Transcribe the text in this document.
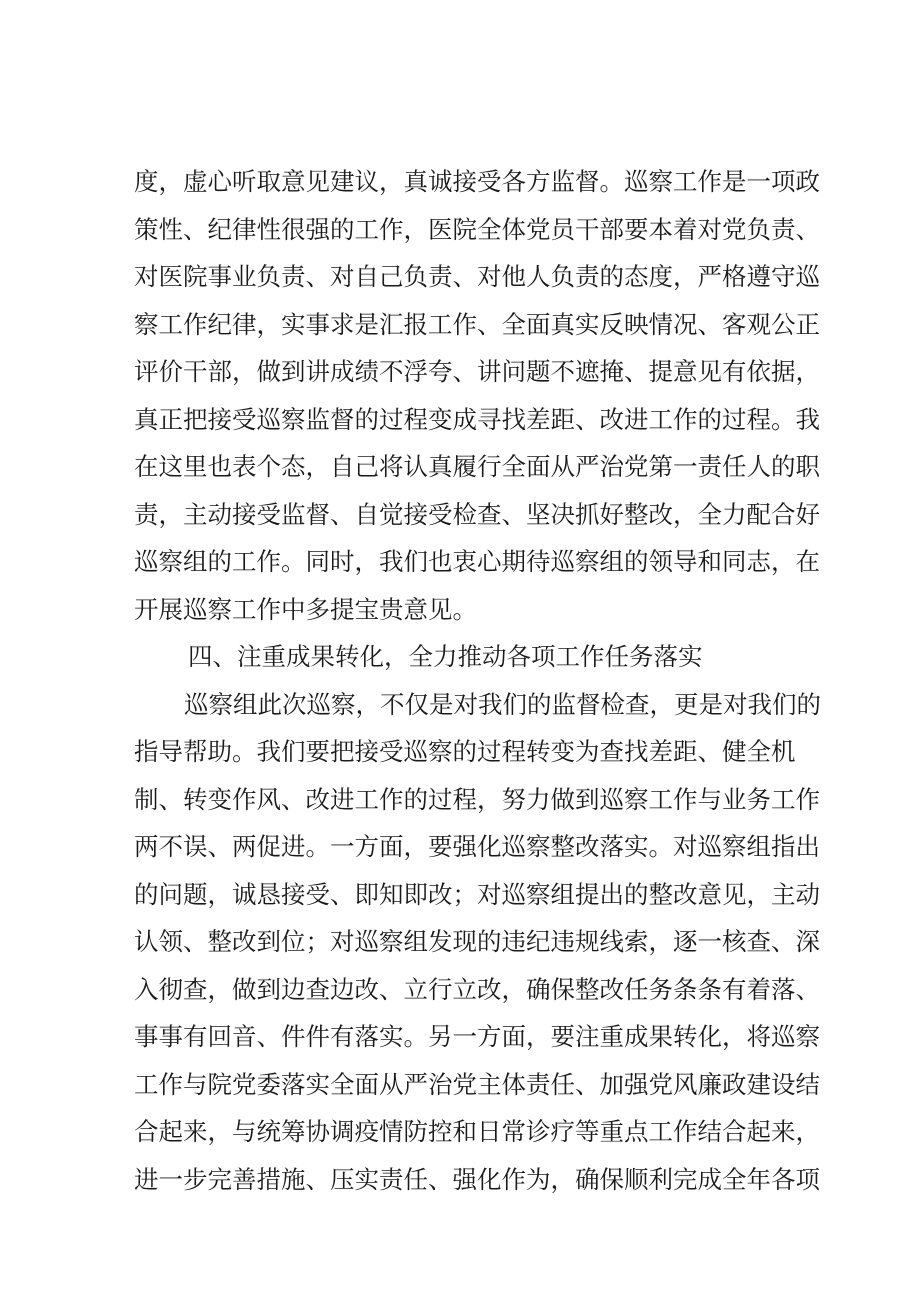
度，虚心听取意见建议，真诚接受各方监督。巡察工作是一项政
策性、纪律性很强的工作，医院全体党员干部要本着对党负责、
对医院事业负责、对自己负责、对他人负责的态度，严格遵守巡
察工作纪律，实事求是汇报工作、全面真实反映情况、客观公正
评价干部，做到讲成绩不浮夸、讲问题不遮掩、提意见有依据，
真正把接受巡察监督的过程变成寻找差距、改进工作的过程。我
在这里也表个态，自己将认真履行全面从严治党第一责任人的职
责，主动接受监督、自觉接受检查、坚决抓好整改，全力配合好
巡察组的工作。同时，我们也衷心期待巡察组的领导和同志，在
开展巡察工作中多提宝贵意见。
四、注重成果转化，全力推动各项工作任务落实
巡察组此次巡察，不仅是对我们的监督检查，更是对我们的
指导帮助。我们要把接受巡察的过程转变为查找差距、健全机
制、转变作风、改进工作的过程，努力做到巡察工作与业务工作
两不误、两促进。一方面，要强化巡察整改落实。对巡察组指出
的问题，诚恳接受、即知即改；对巡察组提出的整改意见，主动
认领、整改到位；对巡察组发现的违纪违规线索，逐一核查、深
入彻查，做到边查边改、立行立改，确保整改任务条条有着落、
事事有回音、件件有落实。另一方面，要注重成果转化，将巡察
工作与院党委落实全面从严治党主体责任、加强党风廉政建设结
合起来，与统筹协调疫情防控和日常诊疗等重点工作结合起来，
进一步完善措施、压实责任、强化作为，确保顺利完成全年各项
